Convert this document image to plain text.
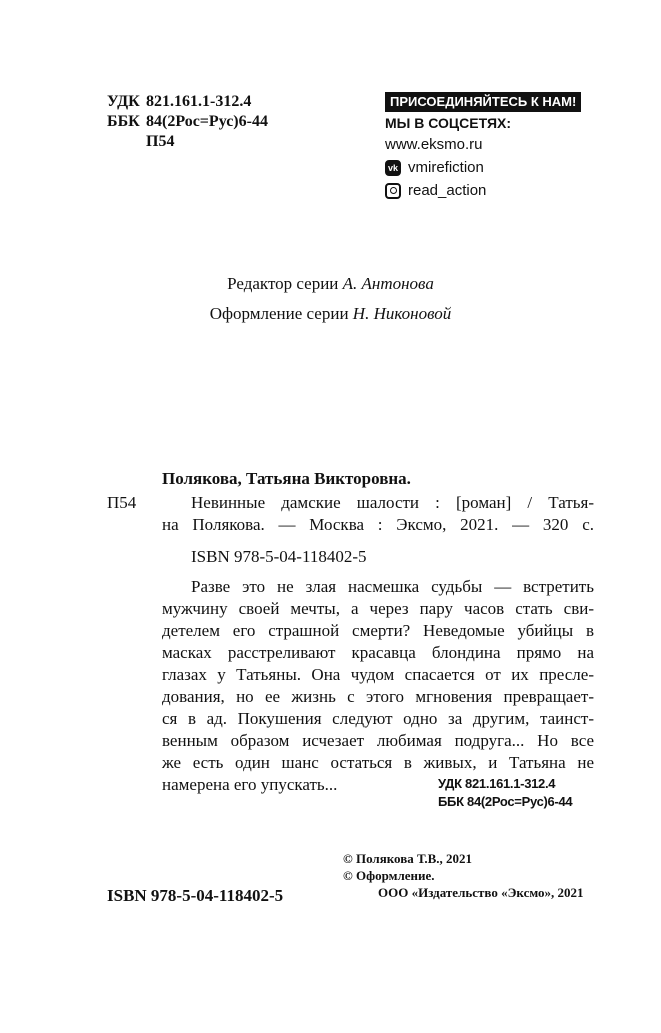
УДК 821.161.1-312.4
ББК 84(2Рос=Рус)6-44
П54
ПРИСОЕДИНЯЙТЕСЬ К НАМ!
МЫ В СОЦСЕТЯХ:
www.eksmo.ru
vk vmirefiction
read_action
Редактор серии А. Антонова
Оформление серии Н. Никоновой
Полякова, Татьяна Викторовна.
П54	Невинные дамские шалости : [роман] / Татья-
на Полякова. — Москва : Эксмо, 2021. — 320 с.
ISBN 978-5-04-118402-5
Разве это не злая насмешка судьбы — встретить
мужчину своей мечты, а через пару часов стать сви-
детелем его страшной смерти? Неведомые убийцы в
масках расстреливают красавца блондина прямо на
глазах у Татьяны. Она чудом спасается от их пресле-
дования, но ее жизнь с этого мгновения превращает-
ся в ад. Покушения следуют одно за другим, таинст-
венным образом исчезает любимая подруга... Но все
же есть один шанс остаться в живых, и Татьяна не
намерена его упускать...	УДК 821.161.1-312.4
ББК 84(2Рос=Рус)6-44
© Полякова Т.В., 2021
© Оформление.
ООО «Издательство «Эксмо», 2021
ISBN 978-5-04-118402-5
